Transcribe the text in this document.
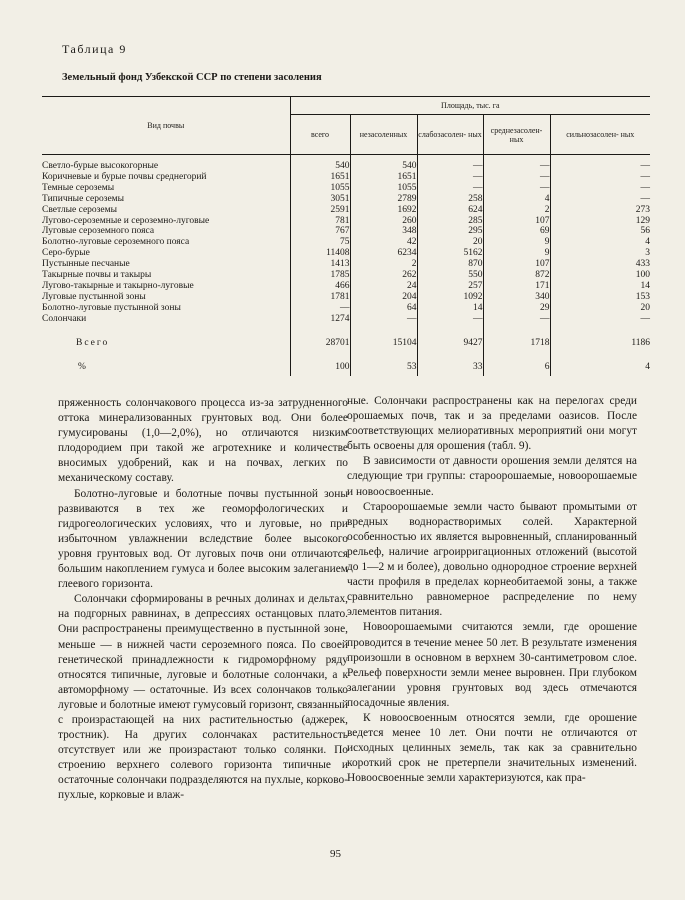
Таблица 9
Земельный фонд Узбекской ССР по степени засоления
Вид почвы	Площадь, тыс. га				
	всего	незасоленных	слабозасолен- ных	среднезасолен- ных	сильнозасолен- ных
Светло-бурые высокогорные	540	540	—	—	—
Коричневые и бурые почвы среднегорий	1651	1651	—	—	—
Темные сероземы	1055	1055	—	—	—
Типичные сероземы	3051	2789	258	4	—
Светлые сероземы	2591	1692	624	2	273
Лугово-сероземные и сероземно-луговые	781	260	285	107	129
Луговые сероземного пояса	767	348	295	69	56
Болотно-луговые сероземного пояса	75	42	20	9	4
Серо-бурые	11408	6234	5162	9	3
Пустынные песчаные	1413	2	870	107	433
Такырные почвы и такыры	1785	262	550	872	100
Лугово-такырные и такырно-луговые	466	24	257	171	14
Луговые пустынной зоны	1781	204	1092	340	153
Болотно-луговые пустынной зоны	—	64	14	29	20
Солончаки	1274	—	—	—	—
Всего	28701	15104	9427	1718	1186
%	100	53	33	6	4

пряженность солончакового процесса из-за затрудненного оттока минерализованных грунтовых вод. Они более гумусированы (1,0—2,0%), но отличаются низким плодородием при такой же агротехнике и количестве вносимых удобрений, как и на почвах, легких по механическому составу.

Болотно-луговые и болотные почвы пустынной зоны развиваются в тех же геоморфологических и гидрогеологических условиях, что и луговые, но при избыточном увлажнении вследствие более высокого уровня грунтовых вод. От луговых почв они отличаются большим накоплением гумуса и более высоким залеганием глеевого горизонта.

Солончаки сформированы в речных долинах и дельтах, на подгорных равнинах, в депрессиях останцовых плато. Они распространены преимущественно в пустынной зоне, меньше — в нижней части сероземного пояса. По своей генетической принадлежности к гидроморфному ряду относятся типичные, луговые и болотные солончаки, а к автоморфному — остаточные. Из всех солончаков только луговые и болотные имеют гумусовый горизонт, связанный с произрастающей на них растительностью (аджерек, тростник). На других солончаках растительность отсутствует или же произрастают только солянки. По строению верхнего солевого горизонта типичные и остаточные солончаки подразделяются на пухлые, корково-пухлые, корковые и влаж-

ные. Солончаки распространены как на перелогах среди орошаемых почв, так и за пределами оазисов. После соответствующих мелиоративных мероприятий они могут быть освоены для орошения (табл. 9).

В зависимости от давности орошения земли делятся на следующие три группы: староорошаемые, новоорошаемые и новоосвоенные.

Староорошаемые земли часто бывают промытыми от вредных воднорастворимых солей. Характерной особенностью их является выровненный, спланированный рельеф, наличие агроирригационных отложений (высотой до 1—2 м и более), довольно однородное строение верхней части профиля в пределах корнеобитаемой зоны, а также сравнительно равномерное распределение по нему элементов питания.

Новоорошаемыми считаются земли, где орошение проводится в течение менее 50 лет. В результате изменения произошли в основном в верхнем 30-сантиметровом слое. Рельеф поверхности земли менее выровнен. При глубоком залегании уровня грунтовых вод здесь отмечаются посадочные явления.

К новоосвоенным относятся земли, где орошение ведется менее 10 лет. Они почти не отличаются от исходных целинных земель, так как за сравнительно короткий срок не претерпели значительных изменений. Новоосвоенные земли характеризуются, как пра-

95
